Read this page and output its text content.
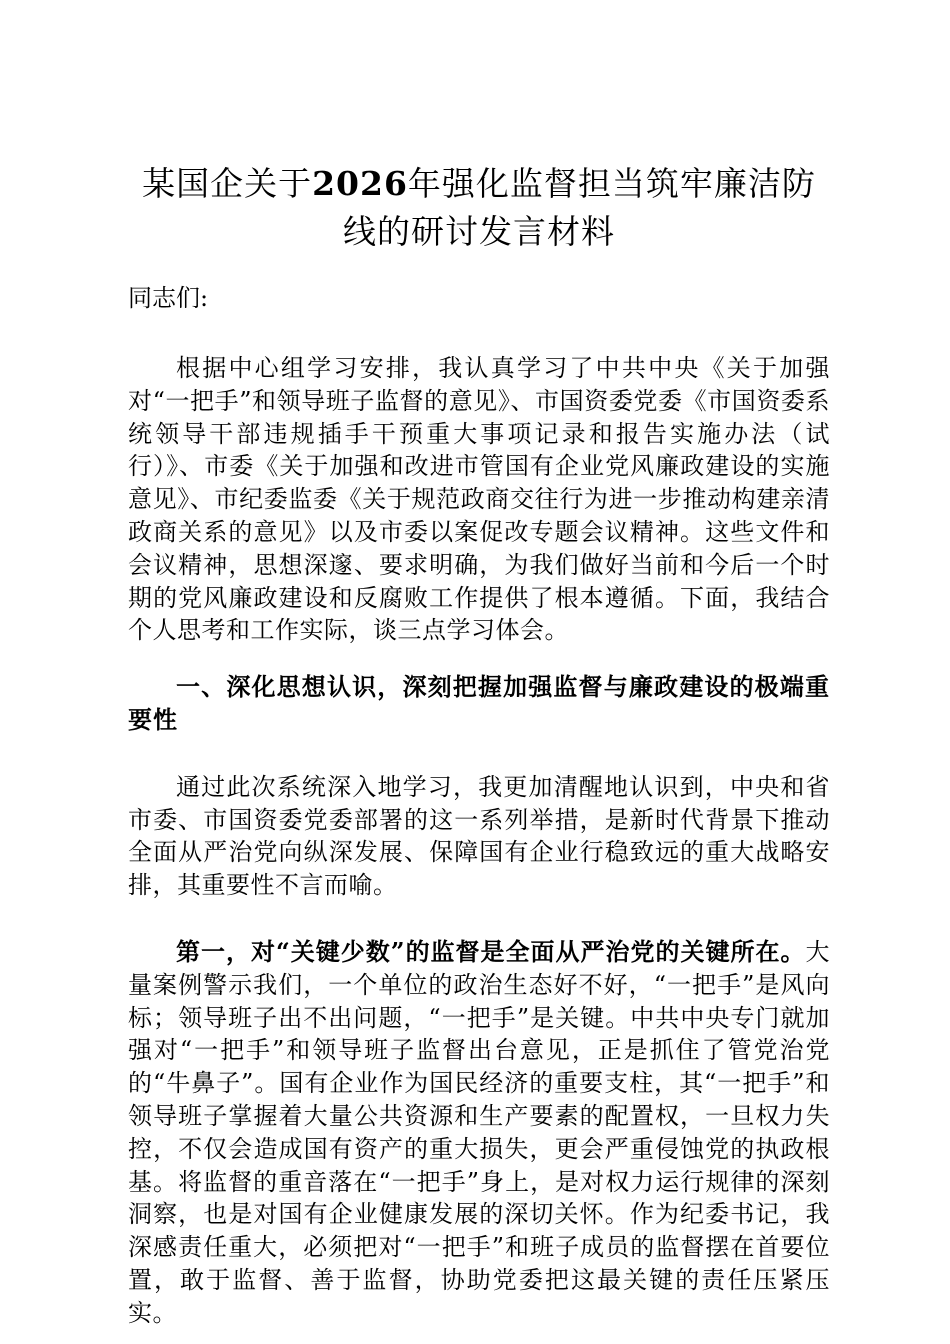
某国企关于2026年强化监督担当筑牢廉洁防线的研讨发言材料

同志们:

根据中心组学习安排，我认真学习了中共中央《关于加强对“一把手”和领导班子监督的意见》、市国资委党委《市国资委系统领导干部违规插手干预重大事项记录和报告实施办法（试行）》、市委《关于加强和改进市管国有企业党风廉政建设的实施意见》、市纪委监委《关于规范政商交往行为进一步推动构建亲清政商关系的意见》以及市委以案促改专题会议精神。这些文件和会议精神，思想深邃、要求明确，为我们做好当前和今后一个时期的党风廉政建设和反腐败工作提供了根本遵循。下面，我结合个人思考和工作实际，谈三点学习体会。

一、深化思想认识，深刻把握加强监督与廉政建设的极端重要性

通过此次系统深入地学习，我更加清醒地认识到，中央和省市委、市国资委党委部署的这一系列举措，是新时代背景下推动全面从严治党向纵深发展、保障国有企业行稳致远的重大战略安排，其重要性不言而喻。

第一，对“关键少数”的监督是全面从严治党的关键所在。大量案例警示我们，一个单位的政治生态好不好，“一把手”是风向标；领导班子出不出问题，“一把手”是关键。中共中央专门就加强对“一把手”和领导班子监督出台意见，正是抓住了管党治党的“牛鼻子”。国有企业作为国民经济的重要支柱，其“一把手”和领导班子掌握着大量公共资源和生产要素的配置权，一旦权力失控，不仅会造成国有资产的重大损失，更会严重侵蚀党的执政根基。将监督的重音落在“一把手”身上，是对权力运行规律的深刻洞察，也是对国有企业健康发展的深切关怀。作为纪委书记，我深感责任重大，必须把对“一把手”和班子成员的监督摆在首要位置，敢于监督、善于监督，协助党委把这最关键的责任压紧压实。
